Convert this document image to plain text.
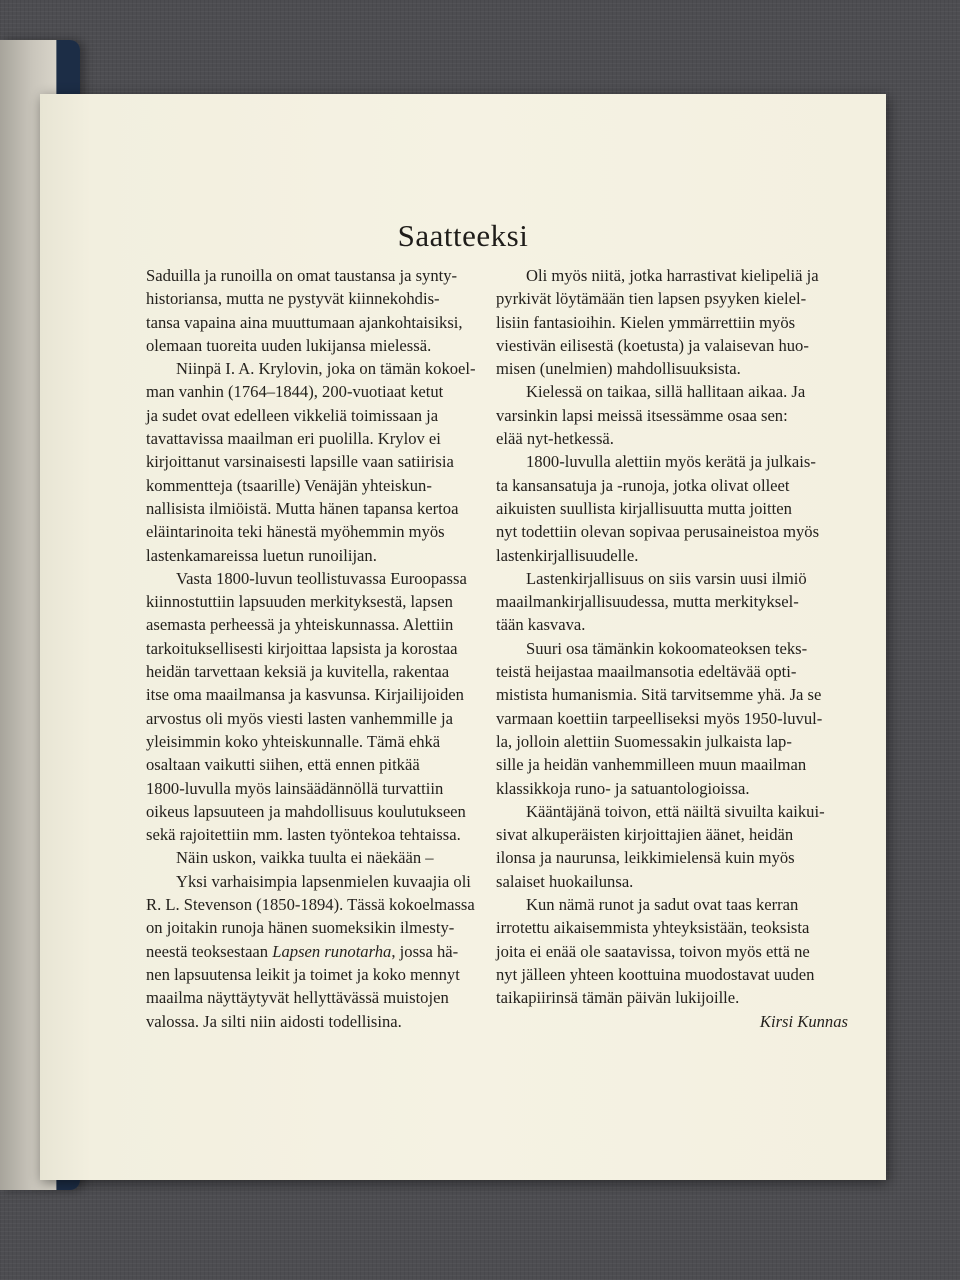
Saatteeksi
Saduilla ja runoilla on omat taustansa ja synty-
historiansa, mutta ne pystyvät kiinnekohdis-
tansa vapaina aina muuttumaan ajankohtaisiksi,
olemaan tuoreita uuden lukijansa mielessä.
Niinpä I. A. Krylovin, joka on tämän kokoel-
man vanhin (1764–1844), 200-vuotiaat ketut
ja sudet ovat edelleen vikkeliä toimissaan ja
tavattavissa maailman eri puolilla. Krylov ei
kirjoittanut varsinaisesti lapsille vaan satiirisia
kommentteja (tsaarille) Venäjän yhteiskun-
nallisista ilmiöistä. Mutta hänen tapansa kertoa
eläintarinoita teki hänestä myöhemmin myös
lastenkamareissa luetun runoilijan.
Vasta 1800-luvun teollistuvassa Euroopassa
kiinnostuttiin lapsuuden merkityksestä, lapsen
asemasta perheessä ja yhteiskunnassa. Alettiin
tarkoituksellisesti kirjoittaa lapsista ja korostaa
heidän tarvettaan keksiä ja kuvitella, rakentaa
itse oma maailmansa ja kasvunsa. Kirjailijoiden
arvostus oli myös viesti lasten vanhemmille ja
yleisimmin koko yhteiskunnalle. Tämä ehkä
osaltaan vaikutti siihen, että ennen pitkää
1800-luvulla myös lainsäädännöllä turvattiin
oikeus lapsuuteen ja mahdollisuus koulutukseen
sekä rajoitettiin mm. lasten työntekoa tehtaissa.
Näin uskon, vaikka tuulta ei näekään –
Yksi varhaisimpia lapsenmielen kuvaajia oli
R. L. Stevenson (1850-1894). Tässä kokoelmassa
on joitakin runoja hänen suomeksikin ilmesty-
neestä teoksestaan Lapsen runotarha, jossa hä-
nen lapsuutensa leikit ja toimet ja koko mennyt
maailma näyttäytyvät hellyttävässä muistojen
valossa. Ja silti niin aidosti todellisina.
Oli myös niitä, jotka harrastivat kielipeliä ja
pyrkivät löytämään tien lapsen psyyken kielel-
lisiin fantasioihin. Kielen ymmärrettiin myös
viestivän eilisestä (koetusta) ja valaisevan huo-
misen (unelmien) mahdollisuuksista.
Kielessä on taikaa, sillä hallitaan aikaa. Ja
varsinkin lapsi meissä itsessämme osaa sen:
elää nyt-hetkessä.
1800-luvulla alettiin myös kerätä ja julkais-
ta kansansatuja ja -runoja, jotka olivat olleet
aikuisten suullista kirjallisuutta mutta joitten
nyt todettiin olevan sopivaa perusaineistoa myös
lastenkirjallisuudelle.
Lastenkirjallisuus on siis varsin uusi ilmiö
maailmankirjallisuudessa, mutta merkityksel-
tään kasvava.
Suuri osa tämänkin kokoomateoksen teks-
teistä heijastaa maailmansotia edeltävää opti-
mistista humanismia. Sitä tarvitsemme yhä. Ja se
varmaan koettiin tarpeelliseksi myös 1950-luvul-
la, jolloin alettiin Suomessakin julkaista lap-
sille ja heidän vanhemmilleen muun maailman
klassikkoja runo- ja satuantologioissa.
Kääntäjänä toivon, että näiltä sivuilta kaikui-
sivat alkuperäisten kirjoittajien äänet, heidän
ilonsa ja naurunsa, leikkimielensä kuin myös
salaiset huokailunsa.
Kun nämä runot ja sadut ovat taas kerran
irrotettu aikaisemmista yhteyksistään, teoksista
joita ei enää ole saatavissa, toivon myös että ne
nyt jälleen yhteen koottuina muodostavat uuden
taikapiirinsä tämän päivän lukijoille.
Kirsi Kunnas
